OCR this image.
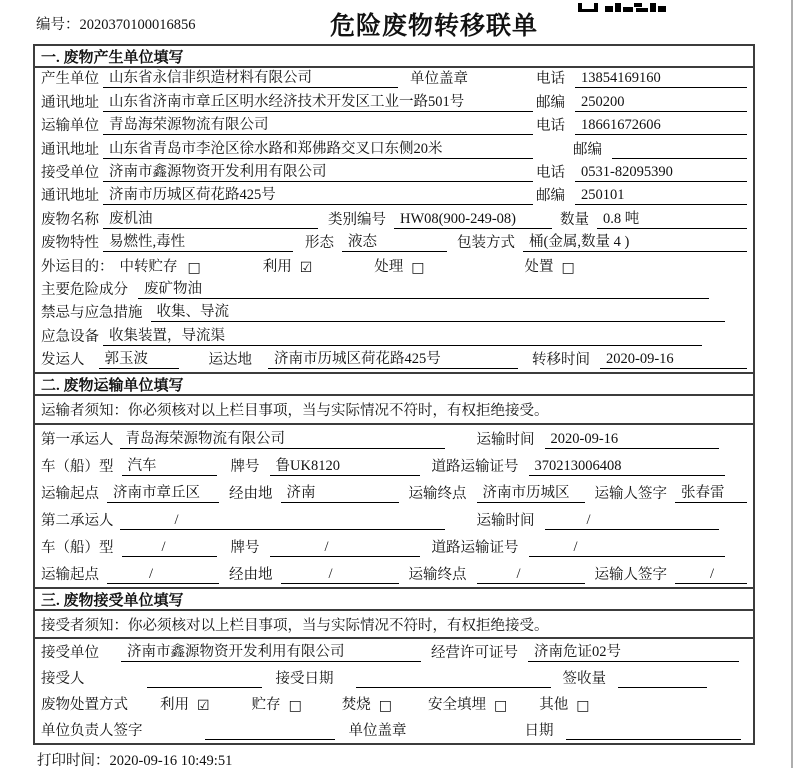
编号：2020370100016856	危险废物转移联单
一. 废物产生单位填写
产生单位 山东省永信非织造材料有限公司	单位盖章	电话	13854169160
通讯地址 山东省济南市章丘区明水经济技术开发区工业一路501号	邮编	250200
运输单位 青岛海荣源物流有限公司	电话	18661672606
通讯地址 山东省青岛市李沧区徐水路和郑佛路交叉口东侧20米	邮编
接受单位 济南市鑫源物资开发利用有限公司	电话	0531-82095390
通讯地址 济南市历城区荷花路425号	邮编	250101
废物名称 废机油	类别编号 HW08(900-249-08)	数量 0.8 吨
废物特性 易燃性,毒性	形态 液态	包装方式 桶(金属,数量 4 )
外运目的： 中转贮存 □	利用 ☑	处理 □	处置 □
主要危险成分	废矿物油
禁忌与应急措施 收集、导流
应急设备 收集装置，导流渠
发运人	郭玉波	运达地	济南市历城区荷花路425号	转移时间	2020-09-16
二. 废物运输单位填写
运输者须知：你必须核对以上栏目事项，当与实际情况不符时，有权拒绝接受。
第一承运人 青岛海荣源物流有限公司	运输时间	2020-09-16
车（船）型 汽车	牌号	鲁UK8120	道路运输证号	370213006408
运输起点 济南市章丘区	经由地 济南	运输终点	济南市历城区	运输人签字 张春雷
第二承运人	/	运输时间	/
车（船）型	/	牌号	/	道路运输证号	/
运输起点	/	经由地	/	运输终点	/	运输人签字	/
三. 废物接受单位填写
接受者须知：你必须核对以上栏目事项，当与实际情况不符时，有权拒绝接受。
接受单位	济南市鑫源物资开发利用有限公司	经营许可证号	济南危证02号
接受人	接受日期	签收量
废物处置方式 利用 ☑	贮存 □	焚烧 □ 安全填埋 □ 其他 □
单位负责人签字	单位盖章	日期
打印时间：2020-09-16 10:49:51
